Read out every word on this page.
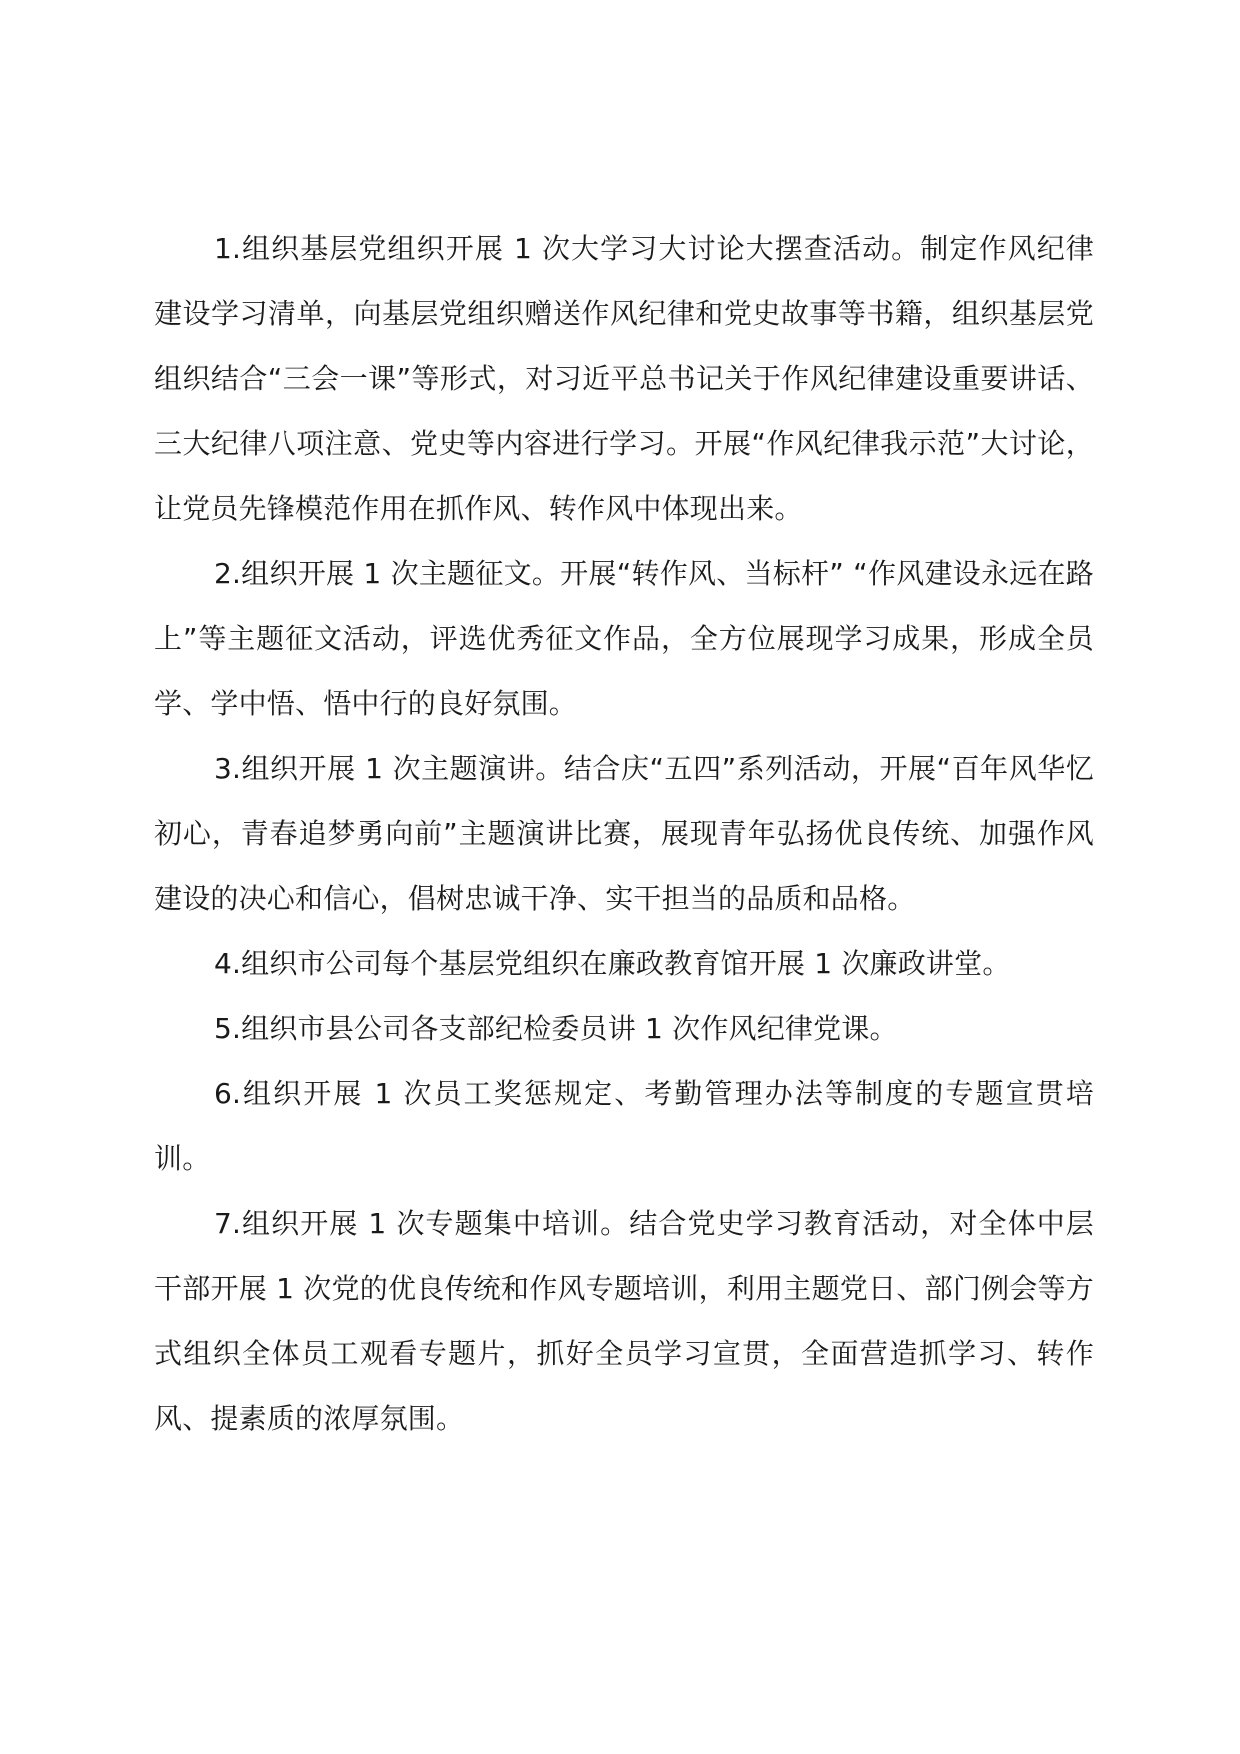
1.组织基层党组织开展 1 次大学习大讨论大摆查活动。制定作风纪律建设学习清单，向基层党组织赠送作风纪律和党史故事等书籍，组织基层党组织结合“三会一课”等形式，对习近平总书记关于作风纪律建设重要讲话、三大纪律八项注意、党史等内容进行学习。开展“作风纪律我示范”大讨论，让党员先锋模范作用在抓作风、转作风中体现出来。

2.组织开展 1 次主题征文。开展“转作风、当标杆” “作风建设永远在路上”等主题征文活动，评选优秀征文作品，全方位展现学习成果，形成全员学、学中悟、悟中行的良好氛围。

3.组织开展 1 次主题演讲。结合庆“五四”系列活动，开展“百年风华忆初心，青春追梦勇向前”主题演讲比赛，展现青年弘扬优良传统、加强作风建设的决心和信心，倡树忠诚干净、实干担当的品质和品格。

4.组织市公司每个基层党组织在廉政教育馆开展 1 次廉政讲堂。

5.组织市县公司各支部纪检委员讲 1 次作风纪律党课。

6.组织开展 1 次员工奖惩规定、考勤管理办法等制度的专题宣贯培训。

7.组织开展 1 次专题集中培训。结合党史学习教育活动，对全体中层干部开展 1 次党的优良传统和作风专题培训，利用主题党日、部门例会等方式组织全体员工观看专题片，抓好全员学习宣贯，全面营造抓学习、转作风、提素质的浓厚氛围。
